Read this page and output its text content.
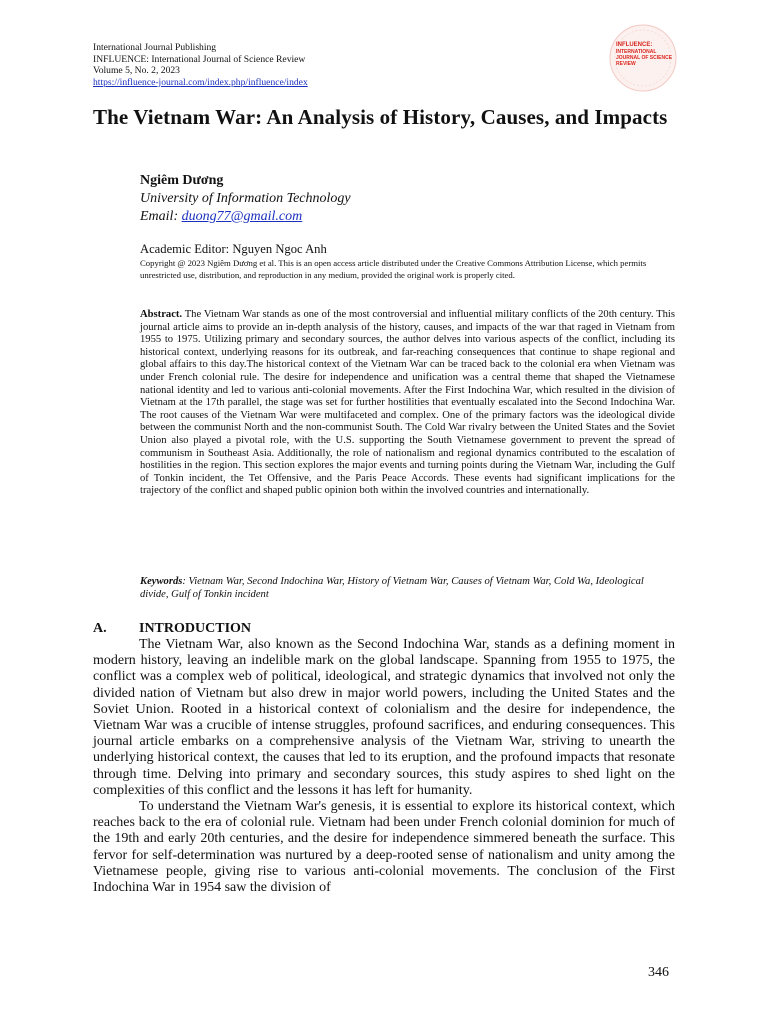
International Journal Publishing
INFLUENCE: International Journal of Science Review
Volume 5, No. 2, 2023
https://influence-journal.com/index.php/influence/index
INFLUENCE:
INTERNATIONAL
JOURNAL OF SCIENCE
REVIEW
The Vietnam War: An Analysis of History, Causes, and Impacts
Ngiêm Dương
University of Information Technology
Email: duong77@gmail.com
Academic Editor: Nguyen Ngoc Anh
Copyright @ 2023 Ngiêm Dương et al. This is an open access article distributed under the Creative Commons Attribution License, which permits unrestricted use, distribution, and reproduction in any medium, provided the original work is properly cited.
Abstract. The Vietnam War stands as one of the most controversial and influential military conflicts of the 20th century. This journal article aims to provide an in-depth analysis of the history, causes, and impacts of the war that raged in Vietnam from 1955 to 1975. Utilizing primary and secondary sources, the author delves into various aspects of the conflict, including its historical context, underlying reasons for its outbreak, and far-reaching consequences that continue to shape regional and global affairs to this day.The historical context of the Vietnam War can be traced back to the colonial era when Vietnam was under French colonial rule. The desire for independence and unification was a central theme that shaped the Vietnamese national identity and led to various anti-colonial movements. After the First Indochina War, which resulted in the division of Vietnam at the 17th parallel, the stage was set for further hostilities that eventually escalated into the Second Indochina War. The root causes of the Vietnam War were multifaceted and complex. One of the primary factors was the ideological divide between the communist North and the non-communist South. The Cold War rivalry between the United States and the Soviet Union also played a pivotal role, with the U.S. supporting the South Vietnamese government to prevent the spread of communism in Southeast Asia. Additionally, the role of nationalism and regional dynamics contributed to the escalation of hostilities in the region. This section explores the major events and turning points during the Vietnam War, including the Gulf of Tonkin incident, the Tet Offensive, and the Paris Peace Accords. These events had significant implications for the trajectory of the conflict and shaped public opinion both within the involved countries and internationally.
Keywords: Vietnam War, Second Indochina War, History of Vietnam War, Causes of Vietnam War, Cold Wa, Ideological divide, Gulf of Tonkin incident
A. INTRODUCTION

The Vietnam War, also known as the Second Indochina War, stands as a defining moment in modern history, leaving an indelible mark on the global landscape. Spanning from 1955 to 1975, the conflict was a complex web of political, ideological, and strategic dynamics that involved not only the divided nation of Vietnam but also drew in major world powers, including the United States and the Soviet Union. Rooted in a historical context of colonialism and the desire for independence, the Vietnam War was a crucible of intense struggles, profound sacrifices, and enduring consequences. This journal article embarks on a comprehensive analysis of the Vietnam War, striving to unearth the underlying historical context, the causes that led to its eruption, and the profound impacts that resonate through time. Delving into primary and secondary sources, this study aspires to shed light on the complexities of this conflict and the lessons it has left for humanity.

To understand the Vietnam War's genesis, it is essential to explore its historical context, which reaches back to the era of colonial rule. Vietnam had been under French colonial dominion for much of the 19th and early 20th centuries, and the desire for independence simmered beneath the surface. This fervor for self-determination was nurtured by a deep-rooted sense of nationalism and unity among the Vietnamese people, giving rise to various anti-colonial movements. The conclusion of the First Indochina War in 1954 saw the division of

346
